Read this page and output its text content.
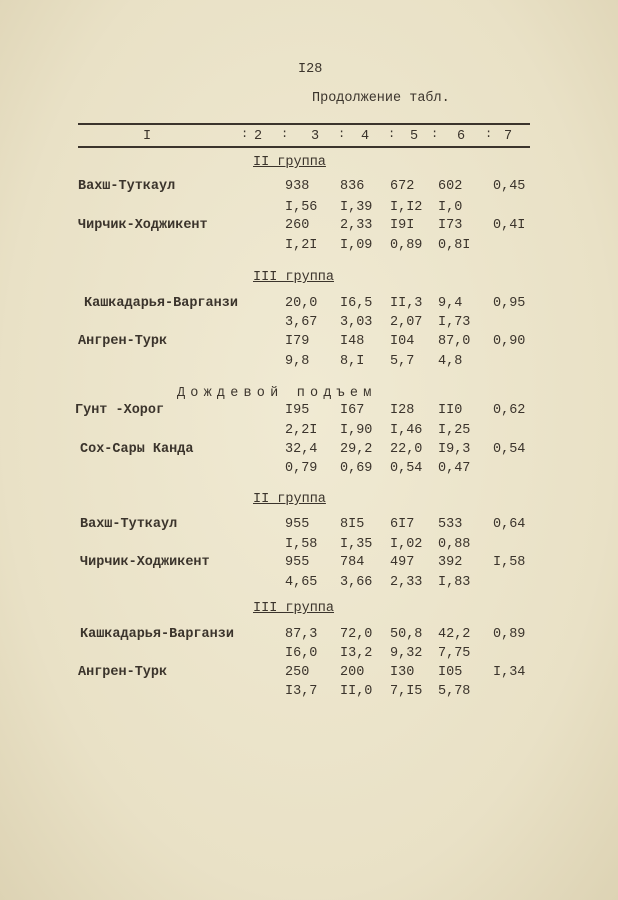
I28
Продолжение табл.
I	2	3	4	5	6	7
:	:	:	:	:	:
II группа
Вахш-Туткаул	938 836 672 602 0,45
I,56 I,39 I,I2 I,0
Чирчик-Ходжикент	260 2,33 I9I I73 0,4I
I,2I I,09 0,89 0,8I
III группа
Кашкадарья-Варганзи	20,0 I6,5 II,3 9,4 0,95
3,67 3,03 2,07 I,73
Ангрен-Турк	I79 I48 I04 87,0 0,90
9,8 8,I 5,7 4,8
Дождевой подъем
Гунт -Хорог	I95 I67 I28 II0 0,62
2,2I I,90 I,46 I,25
Сох-Сары Канда	32,4 29,2 22,0 I9,3 0,54
0,79 0,69 0,54 0,47
II группа
Вахш-Туткаул	955 8I5 6I7 533 0,64
I,58 I,35 I,02 0,88
Чирчик-Ходжикент	955 784 497 392 I,58
4,65 3,66 2,33 I,83
III группа
Кашкадарья-Варганзи	87,3 72,0 50,8 42,2 0,89
I6,0 I3,2 9,32 7,75
Ангрен-Турк	250 200 I30 I05 I,34
I3,7 II,0 7,I5 5,78
